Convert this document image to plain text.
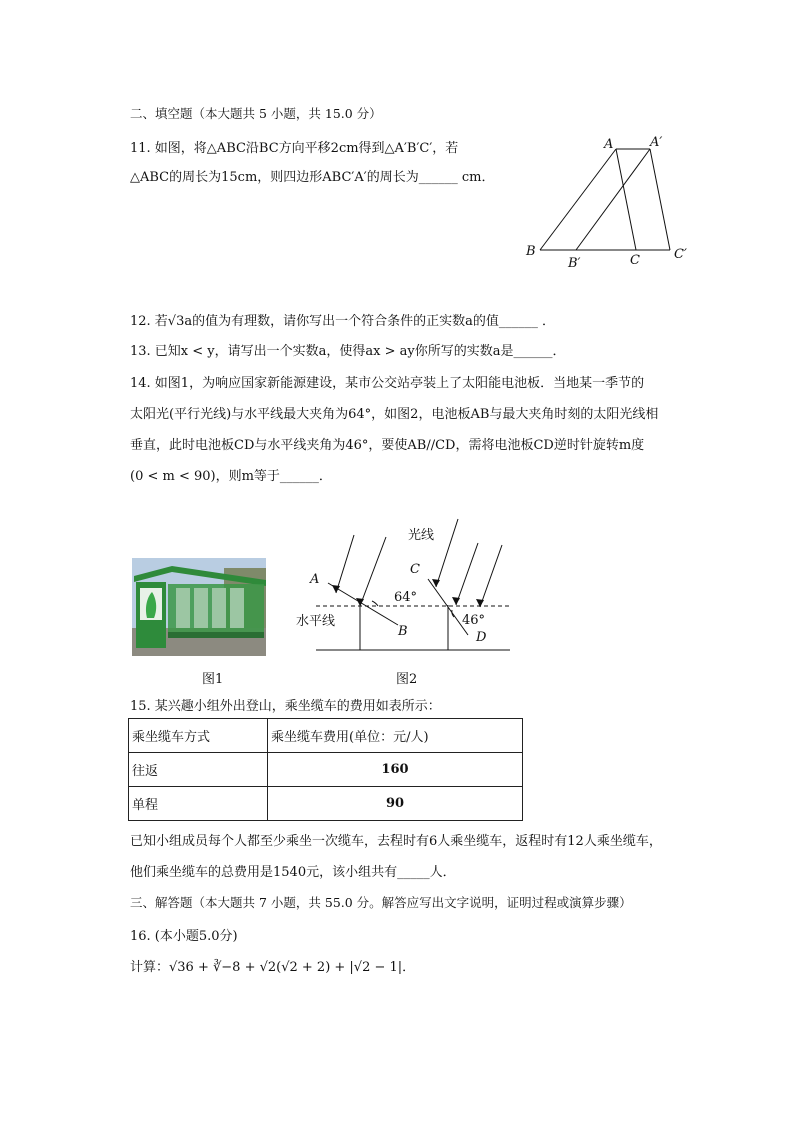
二、填空题（本大题共 5 小题，共 15.0 分）
11. 如图，将△ABC沿BC方向平移2cm得到△A′B′C′，若
△ABC的周长为15cm，则四边形ABC′A′的周长为______ cm．
A	A′
B
B′	C	C′
12. 若√3a的值为有理数，请你写出一个符合条件的正实数a的值______ ．
13. 已知x < y，请写出一个实数a，使得ax > ay你所写的实数a是______．
14. 如图1，为响应国家新能源建设，某市公交站亭装上了太阳能电池板．当地某一季节的
太阳光(平行光线)与水平线最大夹角为64°，如图2，电池板AB与最大夹角时刻的太阳光线相
垂直，此时电池板CD与水平线夹角为46°，要使AB//CD，需将电池板CD逆时针旋转m度
(0 < m < 90)，则m等于______．
图1
光线
水平线
64°
46°
A
B
C
D
图2
15. 某兴趣小组外出登山，乘坐缆车的费用如表所示：
乘坐缆车方式	乘坐缆车费用(单位：元/人)
往返	160
单程	90
已知小组成员每个人都至少乘坐一次缆车，去程时有6人乘坐缆车，返程时有12人乘坐缆车，
他们乘坐缆车的总费用是1540元，该小组共有_____人．
三、解答题（本大题共 7 小题，共 55.0 分。解答应写出文字说明，证明过程或演算步骤）
16. (本小题5.0分)
计算：√36 + ∛−8 + √2(√2 + 2) + |√2 − 1|．
